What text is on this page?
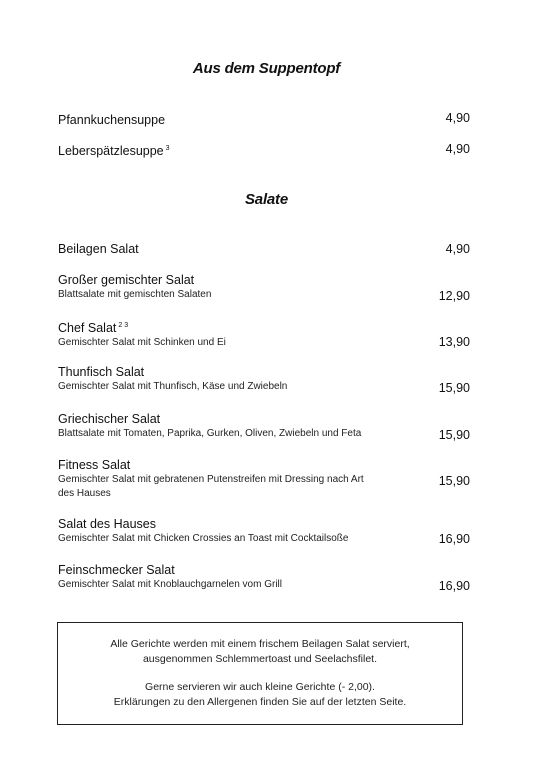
Aus dem Suppentopf
Pfannkuchensuppe	4,90
Leberspätzlesuppe $^3$	4,90
Salate
Beilagen Salat	4,90
Großer gemischter Salat
Blattsalate mit gemischten Salaten	12,90
Chef Salat $^{2 3}$
Gemischter Salat mit Schinken und Ei	13,90
Thunfisch Salat
Gemischter Salat mit Thunfisch, Käse und Zwiebeln	15,90
Griechischer Salat
Blattsalate mit Tomaten, Paprika, Gurken, Oliven, Zwiebeln und Feta	15,90
Fitness Salat
Gemischter Salat mit gebratenen Putenstreifen mit Dressing nach Art des Hauses
15,90
Salat des Hauses
Gemischter Salat mit Chicken Crossies an Toast mit Cocktailsoße	16,90
Feinschmecker Salat
Gemischter Salat mit Knoblauchgarnelen vom Grill	16,90
Alle Gerichte werden mit einem frischem Beilagen Salat serviert,
ausgenommen Schlemmertoast und Seelachsfilet.
Gerne servieren wir auch kleine Gerichte (- 2,00).
Erklärungen zu den Allergenen finden Sie auf der letzten Seite.
